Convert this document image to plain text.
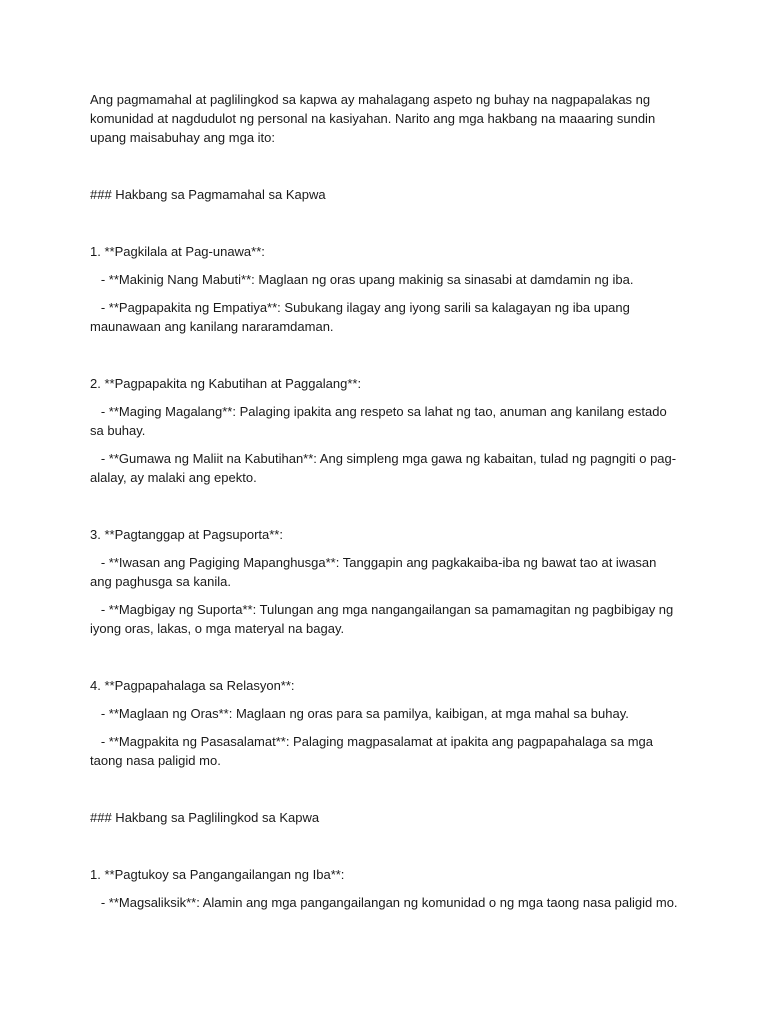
Ang pagmamahal at paglilingkod sa kapwa ay mahalagang aspeto ng buhay na nagpapalakas ng komunidad at nagdudulot ng personal na kasiyahan. Narito ang mga hakbang na maaaring sundin upang maisabuhay ang mga ito:

### Hakbang sa Pagmamahal sa Kapwa

1. **Pagkilala at Pag-unawa**:

- **Makinig Nang Mabuti**: Maglaan ng oras upang makinig sa sinasabi at damdamin ng iba.

- **Pagpapakita ng Empatiya**: Subukang ilagay ang iyong sarili sa kalagayan ng iba upang maunawaan ang kanilang nararamdaman.

2. **Pagpapakita ng Kabutihan at Paggalang**:

- **Maging Magalang**: Palaging ipakita ang respeto sa lahat ng tao, anuman ang kanilang estado sa buhay.

- **Gumawa ng Maliit na Kabutihan**: Ang simpleng mga gawa ng kabaitan, tulad ng pagngiti o pag-alalay, ay malaki ang epekto.

3. **Pagtanggap at Pagsuporta**:

- **Iwasan ang Pagiging Mapanghusga**: Tanggapin ang pagkakaiba-iba ng bawat tao at iwasan ang paghusga sa kanila.

- **Magbigay ng Suporta**: Tulungan ang mga nangangailangan sa pamamagitan ng pagbibigay ng iyong oras, lakas, o mga materyal na bagay.

4. **Pagpapahalaga sa Relasyon**:

- **Maglaan ng Oras**: Maglaan ng oras para sa pamilya, kaibigan, at mga mahal sa buhay.

- **Magpakita ng Pasasalamat**: Palaging magpasalamat at ipakita ang pagpapahalaga sa mga taong nasa paligid mo.

### Hakbang sa Paglilingkod sa Kapwa

1. **Pagtukoy sa Pangangailangan ng Iba**:

- **Magsaliksik**: Alamin ang mga pangangailangan ng komunidad o ng mga taong nasa paligid mo.
